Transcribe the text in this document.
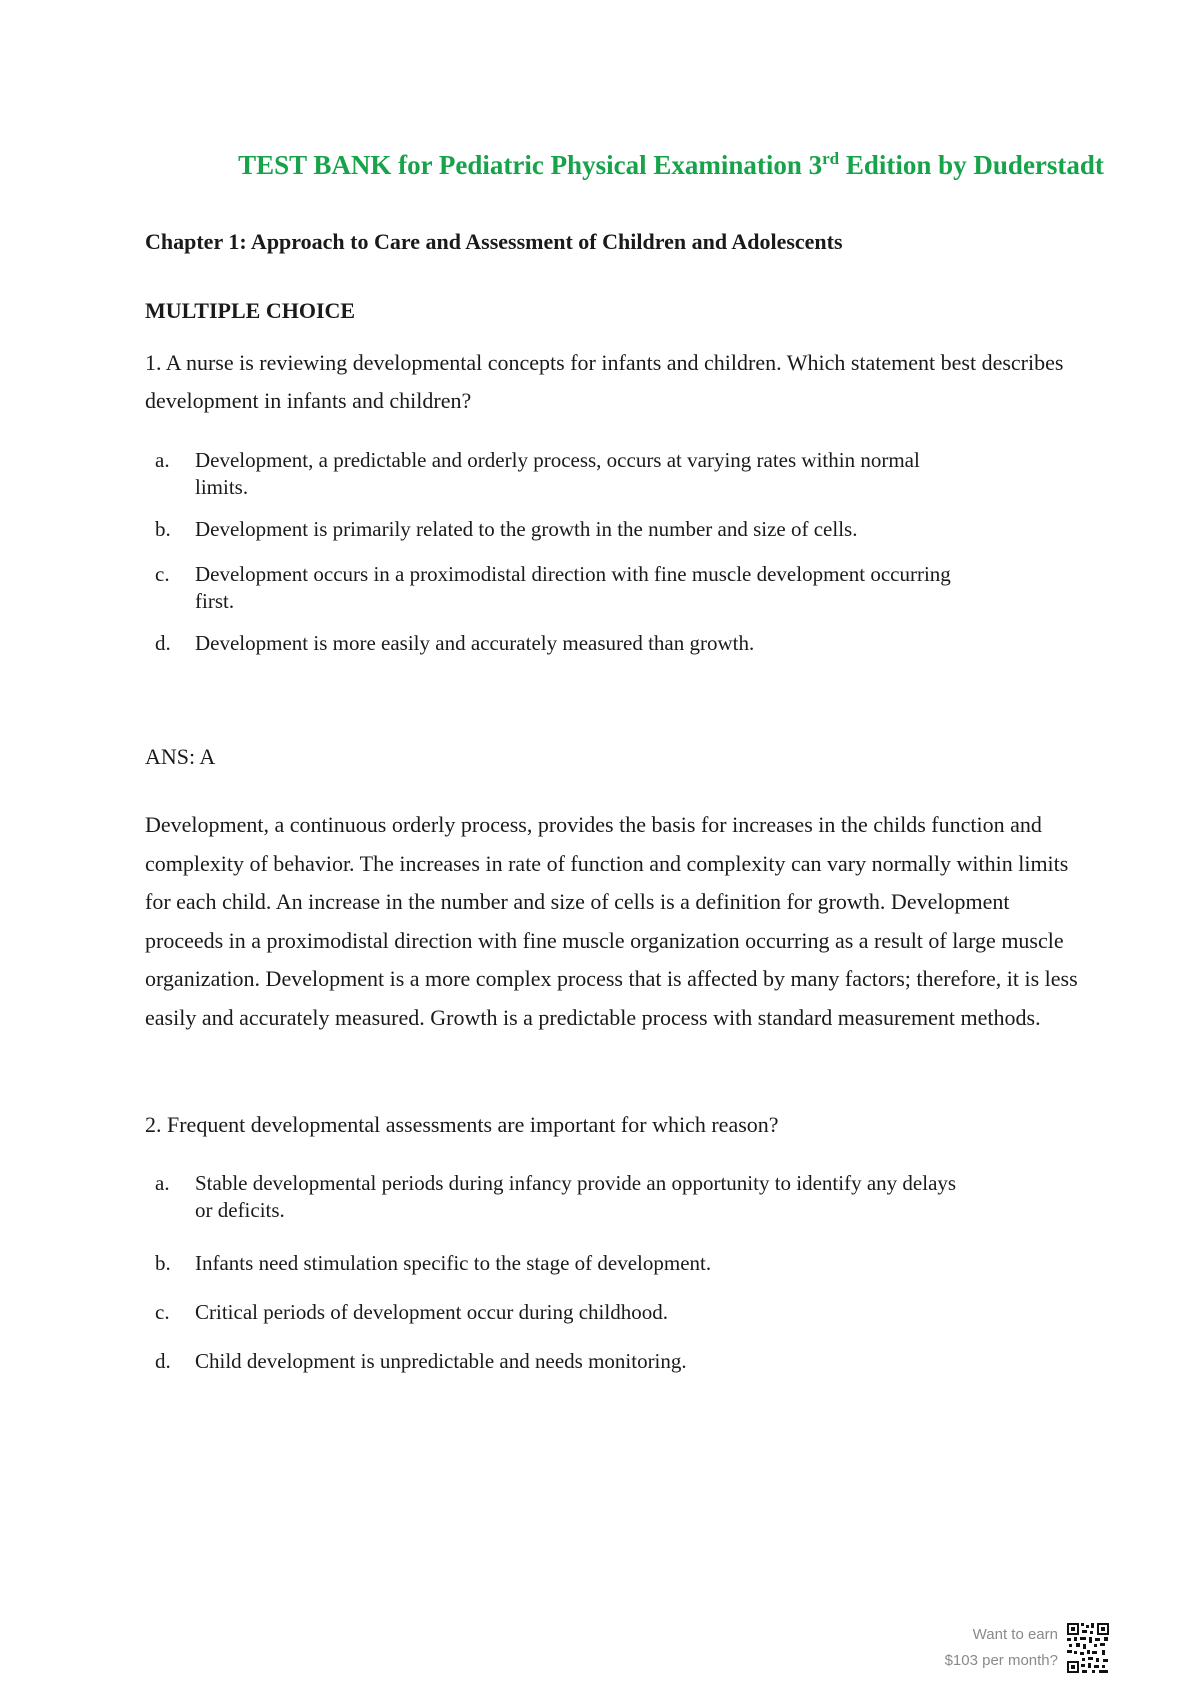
TEST BANK for Pediatric Physical Examination 3rd Edition by Duderstadt
Chapter 1: Approach to Care and Assessment of Children and Adolescents
MULTIPLE CHOICE
1. A nurse is reviewing developmental concepts for infants and children. Which statement best describes development in infants and children?
a.	Development, a predictable and orderly process, occurs at varying rates within normal limits.
b.	Development is primarily related to the growth in the number and size of cells.
c.	Development occurs in a proximodistal direction with fine muscle development occurring first.
d.	Development is more easily and accurately measured than growth.
ANS: A
Development, a continuous orderly process, provides the basis for increases in the childs function and complexity of behavior. The increases in rate of function and complexity can vary normally within limits for each child. An increase in the number and size of cells is a definition for growth. Development proceeds in a proximodistal direction with fine muscle organization occurring as a result of large muscle organization. Development is a more complex process that is affected by many factors; therefore, it is less easily and accurately measured. Growth is a predictable process with standard measurement methods.
2. Frequent developmental assessments are important for which reason?
a.	Stable developmental periods during infancy provide an opportunity to identify any delays or deficits.
b.	Infants need stimulation specific to the stage of development.
c.	Critical periods of development occur during childhood.
d.	Child development is unpredictable and needs monitoring.
Want to earn
$103 per month?
